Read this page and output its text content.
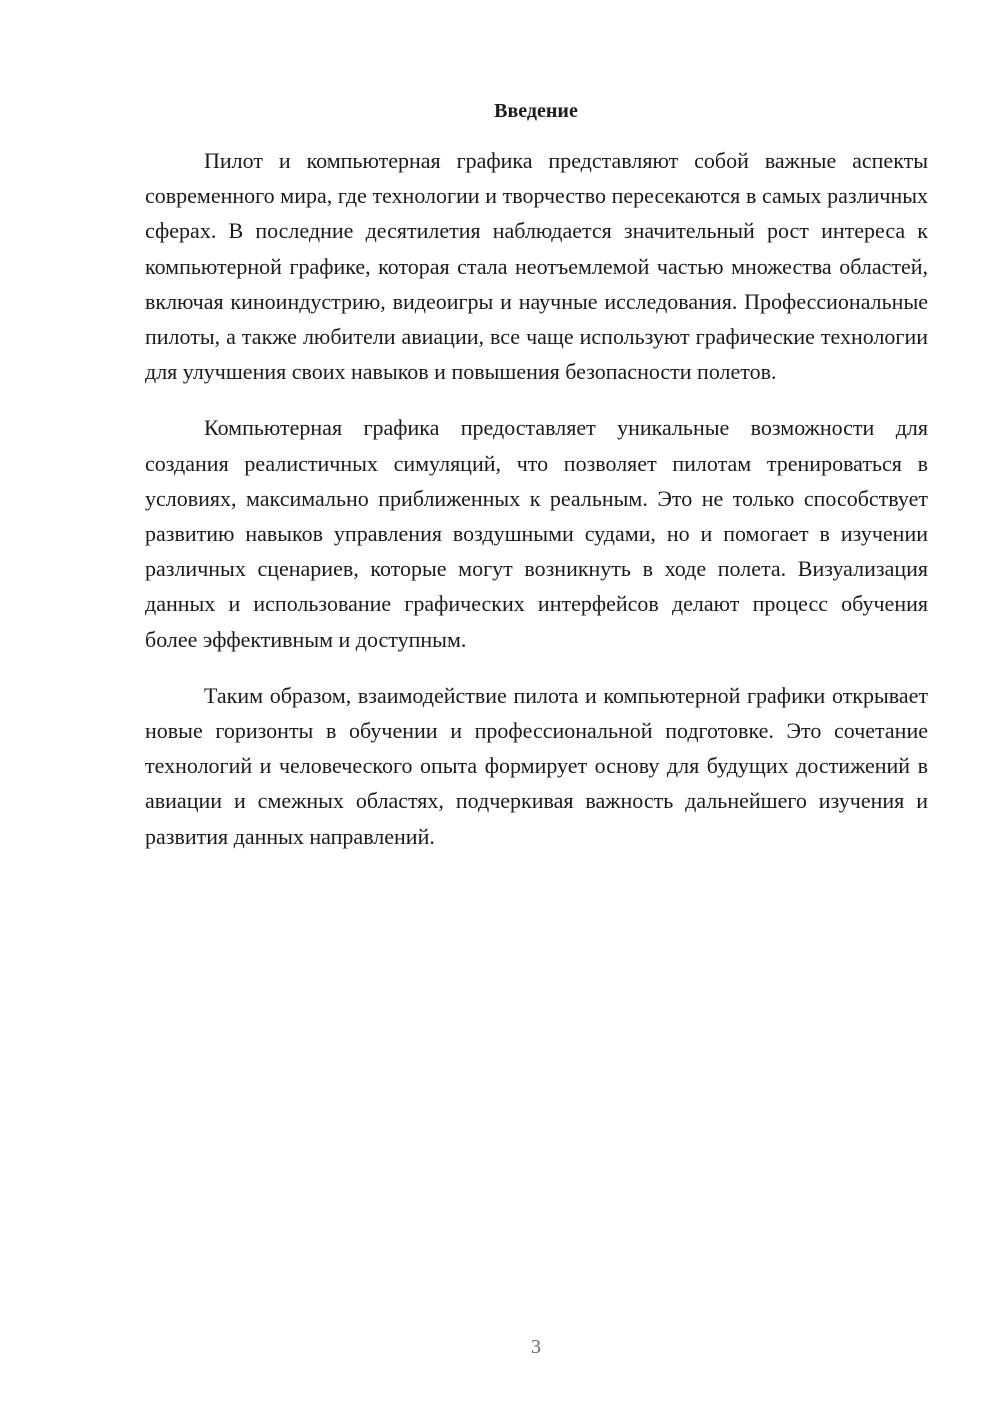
Введение

Пилот и компьютерная графика представляют собой важные аспекты современного мира, где технологии и творчество пересекаются в самых различных сферах. В последние десятилетия наблюдается значительный рост интереса к компьютерной графике, которая стала неотъемлемой частью множества областей, включая киноиндустрию, видеоигры и научные исследования. Профессиональные пилоты, а также любители авиации, все чаще используют графические технологии для улучшения своих навыков и повышения безопасности полетов.

Компьютерная графика предоставляет уникальные возможности для создания реалистичных симуляций, что позволяет пилотам тренироваться в условиях, максимально приближенных к реальным. Это не только способствует развитию навыков управления воздушными судами, но и помогает в изучении различных сценариев, которые могут возникнуть в ходе полета. Визуализация данных и использование графических интерфейсов делают процесс обучения более эффективным и доступным.

Таким образом, взаимодействие пилота и компьютерной графики открывает новые горизонты в обучении и профессиональной подготовке. Это сочетание технологий и человеческого опыта формирует основу для будущих достижений в авиации и смежных областях, подчеркивая важность дальнейшего изучения и развития данных направлений.

3
